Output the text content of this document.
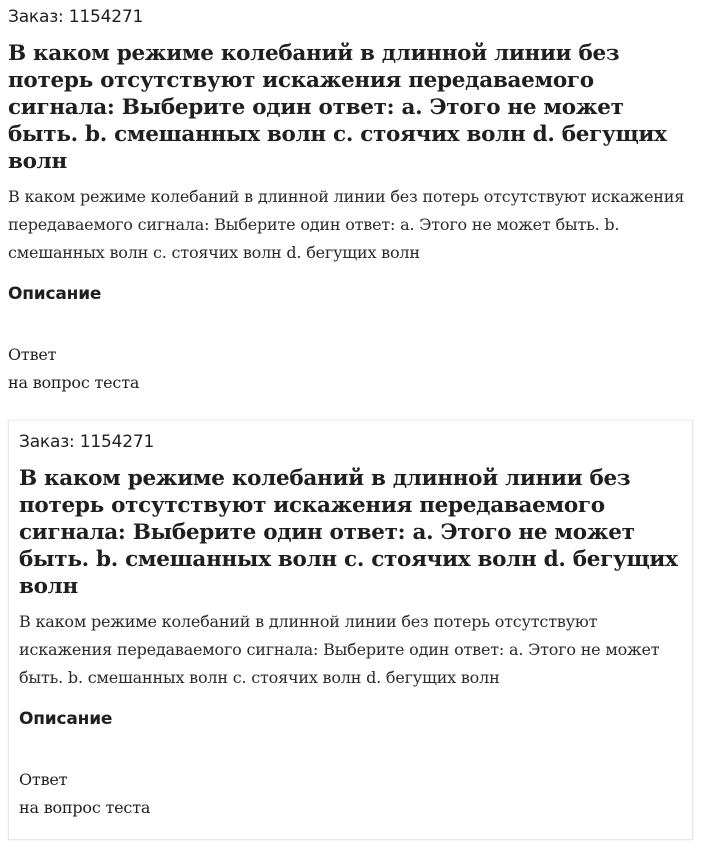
Заказ: 1154271
В каком режиме колебаний в длинной линии без потерь отсутствуют искажения передаваемого сигнала: Выберите один ответ: a. Этого не может быть. b. смешанных волн c. стоячих волн d. бегущих волн
В каком режиме колебаний в длинной линии без потерь отсутствуют искажения передаваемого сигнала: Выберите один ответ: a. Этого не может быть. b. смешанных волн c. стоячих волн d. бегущих волн
Описание
Ответ
на вопрос теста
Заказ: 1154271
В каком режиме колебаний в длинной линии без потерь отсутствуют искажения передаваемого сигнала: Выберите один ответ: a. Этого не может быть. b. смешанных волн c. стоячих волн d. бегущих волн
В каком режиме колебаний в длинной линии без потерь отсутствуют искажения передаваемого сигнала: Выберите один ответ: a. Этого не может быть. b. смешанных волн c. стоячих волн d. бегущих волн
Описание
Ответ
на вопрос теста
